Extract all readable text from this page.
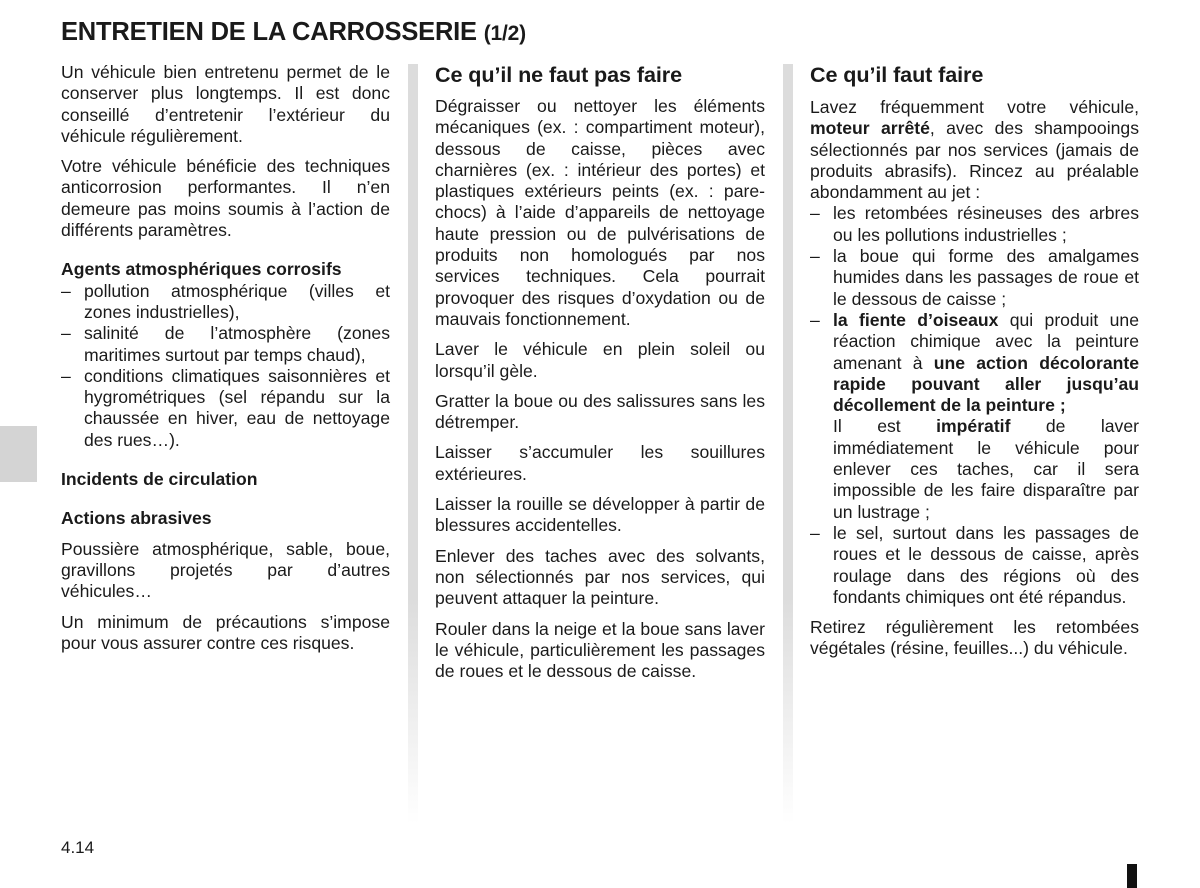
ENTRETIEN DE LA CARROSSERIE (1/2)

Un véhicule bien entretenu permet de le conserver plus longtemps. Il est donc conseillé d’entretenir l’extérieur du véhicule régulièrement.

Votre véhicule bénéficie des techniques anticorrosion performantes. Il n’en demeure pas moins soumis à l’action de différents paramètres.

Agents atmosphériques corrosifs

– pollution atmosphérique (villes et zones industrielles),
– salinité de l’atmosphère (zones maritimes surtout par temps chaud),
– conditions climatiques saisonnières et hygrométriques (sel répandu sur la chaussée en hiver, eau de nettoyage des rues…).

Incidents de circulation

Actions abrasives

Poussière atmosphérique, sable, boue, gravillons projetés par d’autres véhicules…

Un minimum de précautions s’impose pour vous assurer contre ces risques.

Ce qu’il ne faut pas faire

Dégraisser ou nettoyer les éléments mécaniques (ex. : compartiment moteur), dessous de caisse, pièces avec charnières (ex. : intérieur des portes) et plastiques extérieurs peints (ex. : pare-chocs) à l’aide d’appareils de nettoyage haute pression ou de pulvérisations de produits non homologués par nos services techniques. Cela pourrait provoquer des risques d’oxydation ou de mauvais fonctionnement.

Laver le véhicule en plein soleil ou lorsqu’il gèle.

Gratter la boue ou des salissures sans les détremper.

Laisser s’accumuler les souillures extérieures.

Laisser la rouille se développer à partir de blessures accidentelles.

Enlever des taches avec des solvants, non sélectionnés par nos services, qui peuvent attaquer la peinture.

Rouler dans la neige et la boue sans laver le véhicule, particulièrement les passages de roues et le dessous de caisse.

Ce qu’il faut faire

Lavez fréquemment votre véhicule, moteur arrêté, avec des shampooings sélectionnés par nos services (jamais de produits abrasifs). Rincez au préalable abondamment au jet :

– les retombées résineuses des arbres ou les pollutions industrielles ;
– la boue qui forme des amalgames humides dans les passages de roue et le dessous de caisse ;
– la fiente d’oiseaux qui produit une réaction chimique avec la peinture amenant à une action décolorante rapide pouvant aller jusqu’au décollement de la peinture ;
Il est impératif de laver immédiatement le véhicule pour enlever ces taches, car il sera impossible de les faire disparaître par un lustrage ;
– le sel, surtout dans les passages de roues et le dessous de caisse, après roulage dans des régions où des fondants chimiques ont été répandus.

Retirez régulièrement les retombées végétales (résine, feuilles...) du véhicule.

4.14
